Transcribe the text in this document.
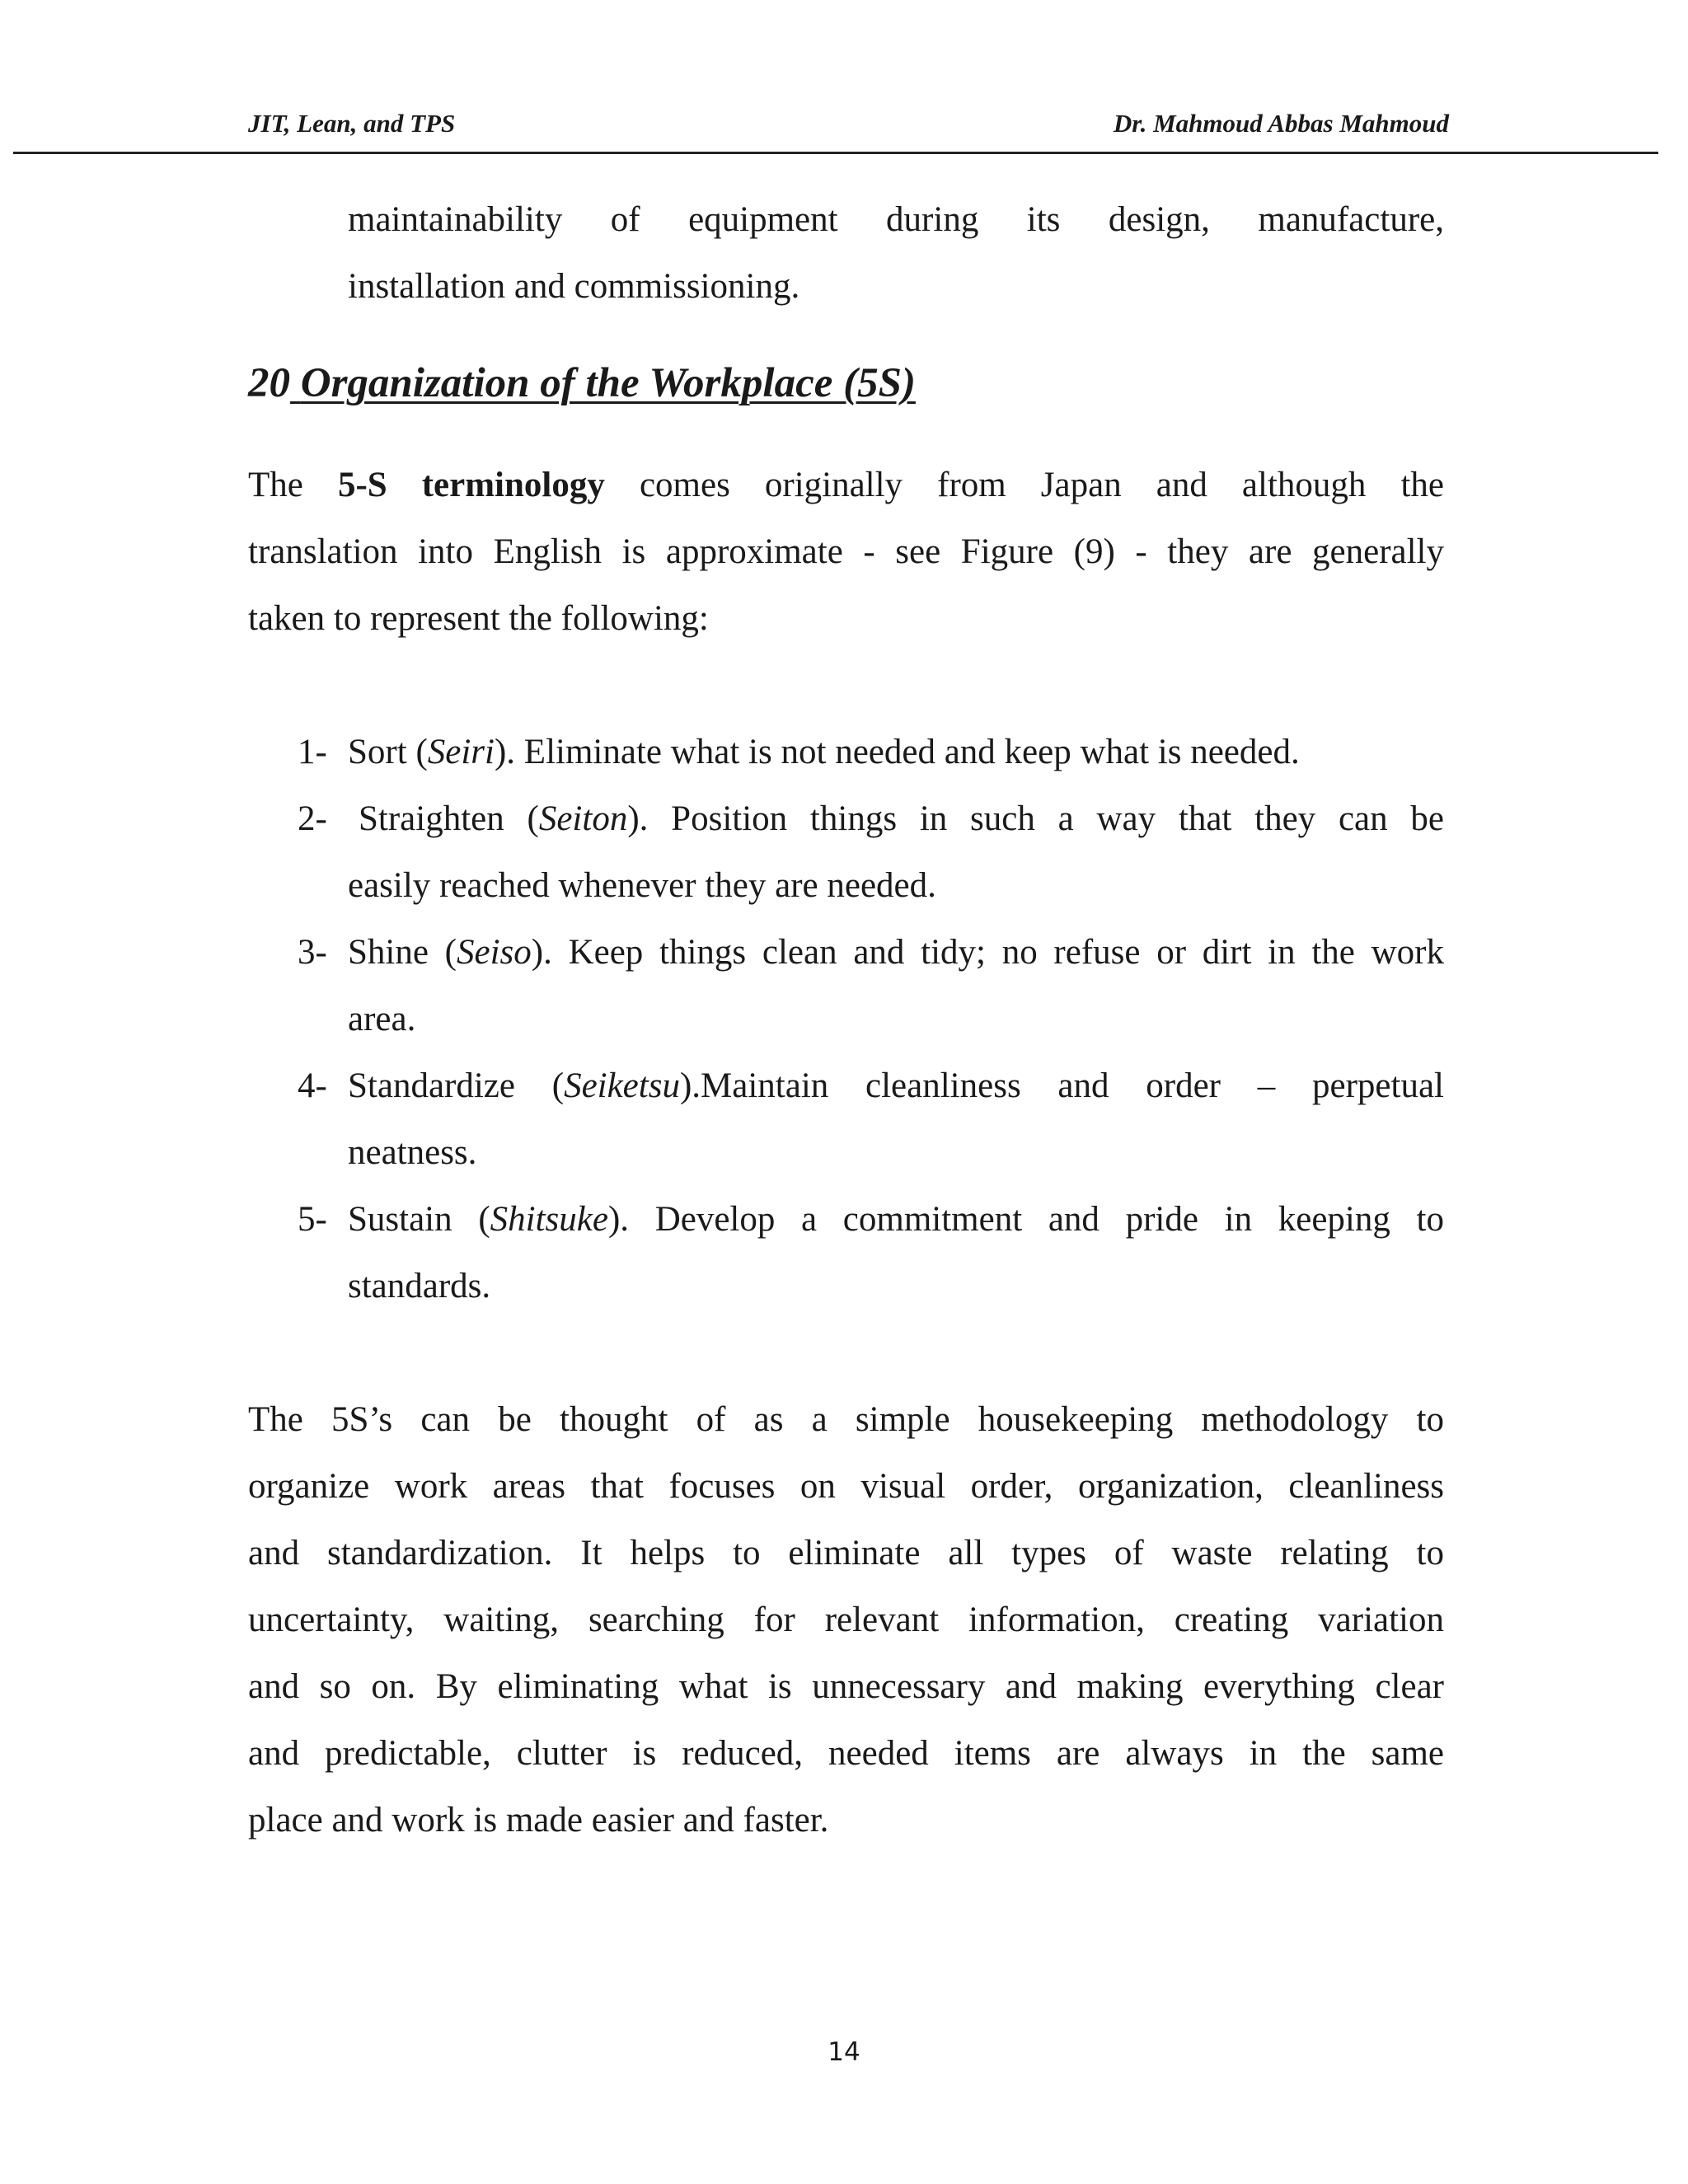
JIT, Lean, and TPS	Dr. Mahmoud Abbas Mahmoud
maintainability of equipment during its design, manufacture,
installation and commissioning.
20 Organization of the Workplace (5S)
The 5-S terminology comes originally from Japan and although the
translation into English is approximate - see Figure (9) - they are generally
taken to represent the following:
1- Sort (Seiri). Eliminate what is not needed and keep what is needed.
2- Straighten (Seiton). Position things in such a way that they can be
easily reached whenever they are needed.
3- Shine (Seiso). Keep things clean and tidy; no refuse or dirt in the work
area.
4- Standardize (Seiketsu).Maintain cleanliness and order – perpetual
neatness.
5- Sustain (Shitsuke). Develop a commitment and pride in keeping to
standards.
The 5S’s can be thought of as a simple housekeeping methodology to
organize work areas that focuses on visual order, organization, cleanliness
and standardization. It helps to eliminate all types of waste relating to
uncertainty, waiting, searching for relevant information, creating variation
and so on. By eliminating what is unnecessary and making everything clear
and predictable, clutter is reduced, needed items are always in the same
place and work is made easier and faster.
14
